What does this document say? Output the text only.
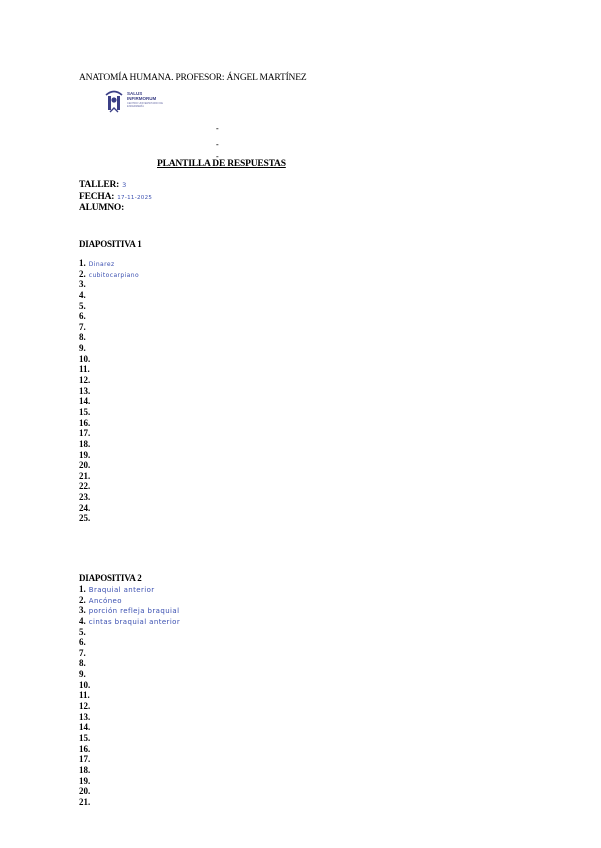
ANATOMÍA HUMANA. PROFESOR: ÁNGEL MARTÍNEZ
SALUS
INFIRMORUM
CENTRO UNIVERSITARIO DE ENFERMERÍA
-
-
-
PLANTILLA DE RESPUESTAS
TALLER: 3
FECHA: 17-11-2025
ALUMNO:
DIAPOSITIVA 1
1. Dinarez
2. cubitocarpiano
3.
4.
5.
6.
7.
8.
9.
10.
11.
12.
13.
14.
15.
16.
17.
18.
19.
20.
21.
22.
23.
24.
25.
DIAPOSITIVA 2
1. Braquial anterior
2. Ancóneo
3. porción refleja braquial
4. cintas braquial anterior
5.
6.
7.
8.
9.
10.
11.
12.
13.
14.
15.
16.
17.
18.
19.
20.
21.
